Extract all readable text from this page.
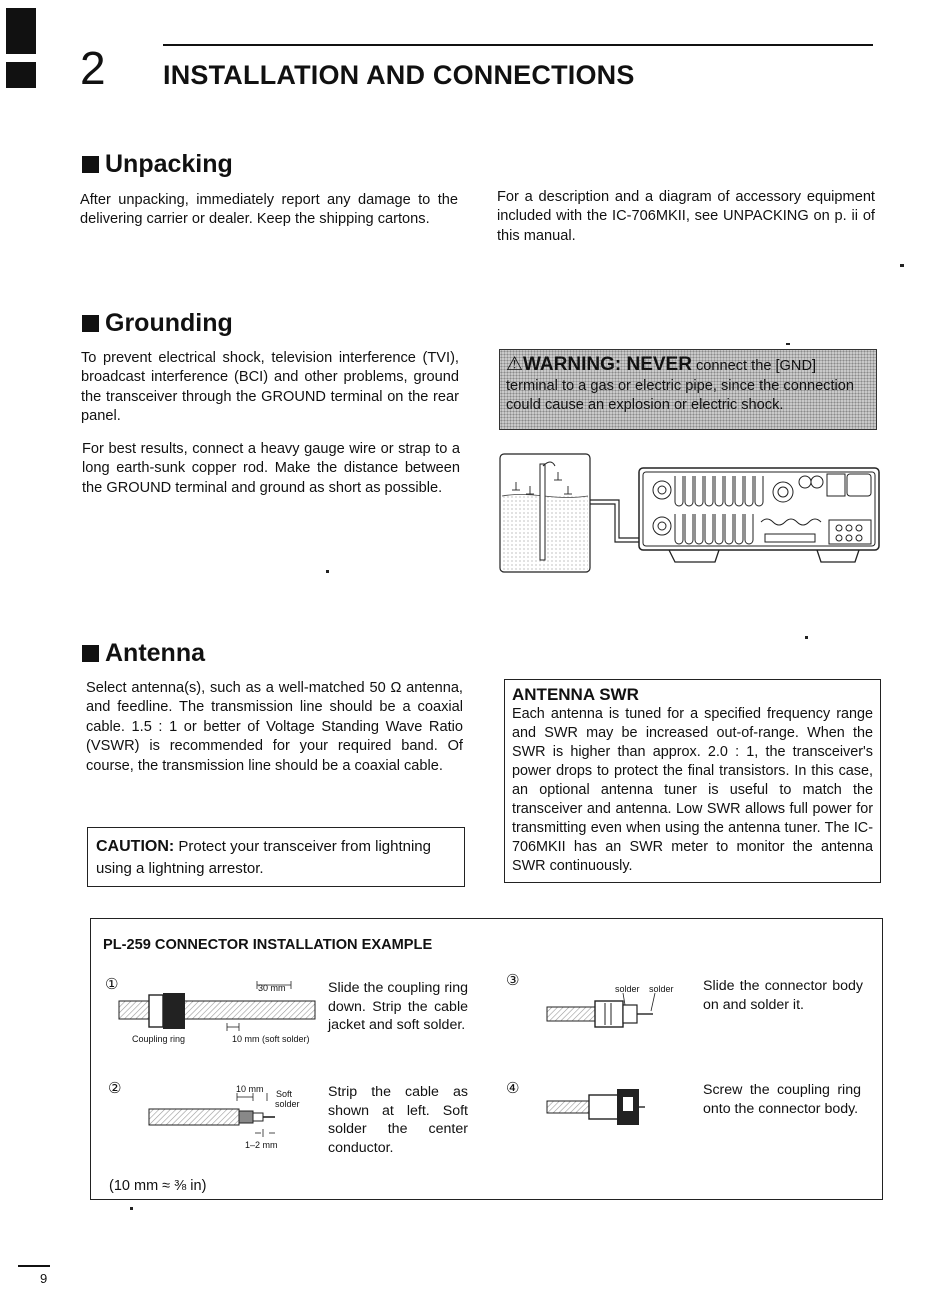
2 INSTALLATION AND CONNECTIONS
Unpacking
After unpacking, immediately report any damage to the delivering carrier or dealer. Keep the shipping cartons.
For a description and a diagram of accessory equipment included with the IC-706MKII, see UNPACKING on p. ii of this manual.
Grounding
To prevent electrical shock, television interference (TVI), broadcast interference (BCI) and other problems, ground the transceiver through the GROUND terminal on the rear panel.
For best results, connect a heavy gauge wire or strap to a long earth-sunk copper rod. Make the distance between the GROUND terminal and ground as short as possible.
⚠WARNING: NEVER connect the [GND] terminal to a gas or electric pipe, since the connection could cause an explosion or electric shock.
Antenna
Select antenna(s), such as a well-matched 50 Ω antenna, and feedline. The transmission line should be a coaxial cable. 1.5 : 1 or better of Voltage Standing Wave Ratio (VSWR) is recommended for your required band. Of course, the transmission line should be a coaxial cable.
CAUTION: Protect your transceiver from lightning using a lightning arrestor.
ANTENNA SWR
Each antenna is tuned for a specified frequency range and SWR may be increased out-of-range. When the SWR is higher than approx. 2.0 : 1, the transceiver's power drops to protect the final transistors. In this case, an optional antenna tuner is useful to match the transceiver and antenna. Low SWR allows full power for transmitting even when using the antenna tuner. The IC-706MKII has an SWR meter to monitor the antenna SWR continuously.
PL-259 CONNECTOR INSTALLATION EXAMPLE
①	30 mm
Coupling ring	10 mm (soft solder)
Slide the coupling ring down. Strip the cable jacket and soft solder.
②	10 mm Soft
solder
1–2 mm
Strip the cable as shown at left. Soft solder the center conductor.
③	solder solder Slide the connector body on and solder it.
④	Screw the coupling ring onto the connector body.
(10 mm ≈ ⅜ in)
9
